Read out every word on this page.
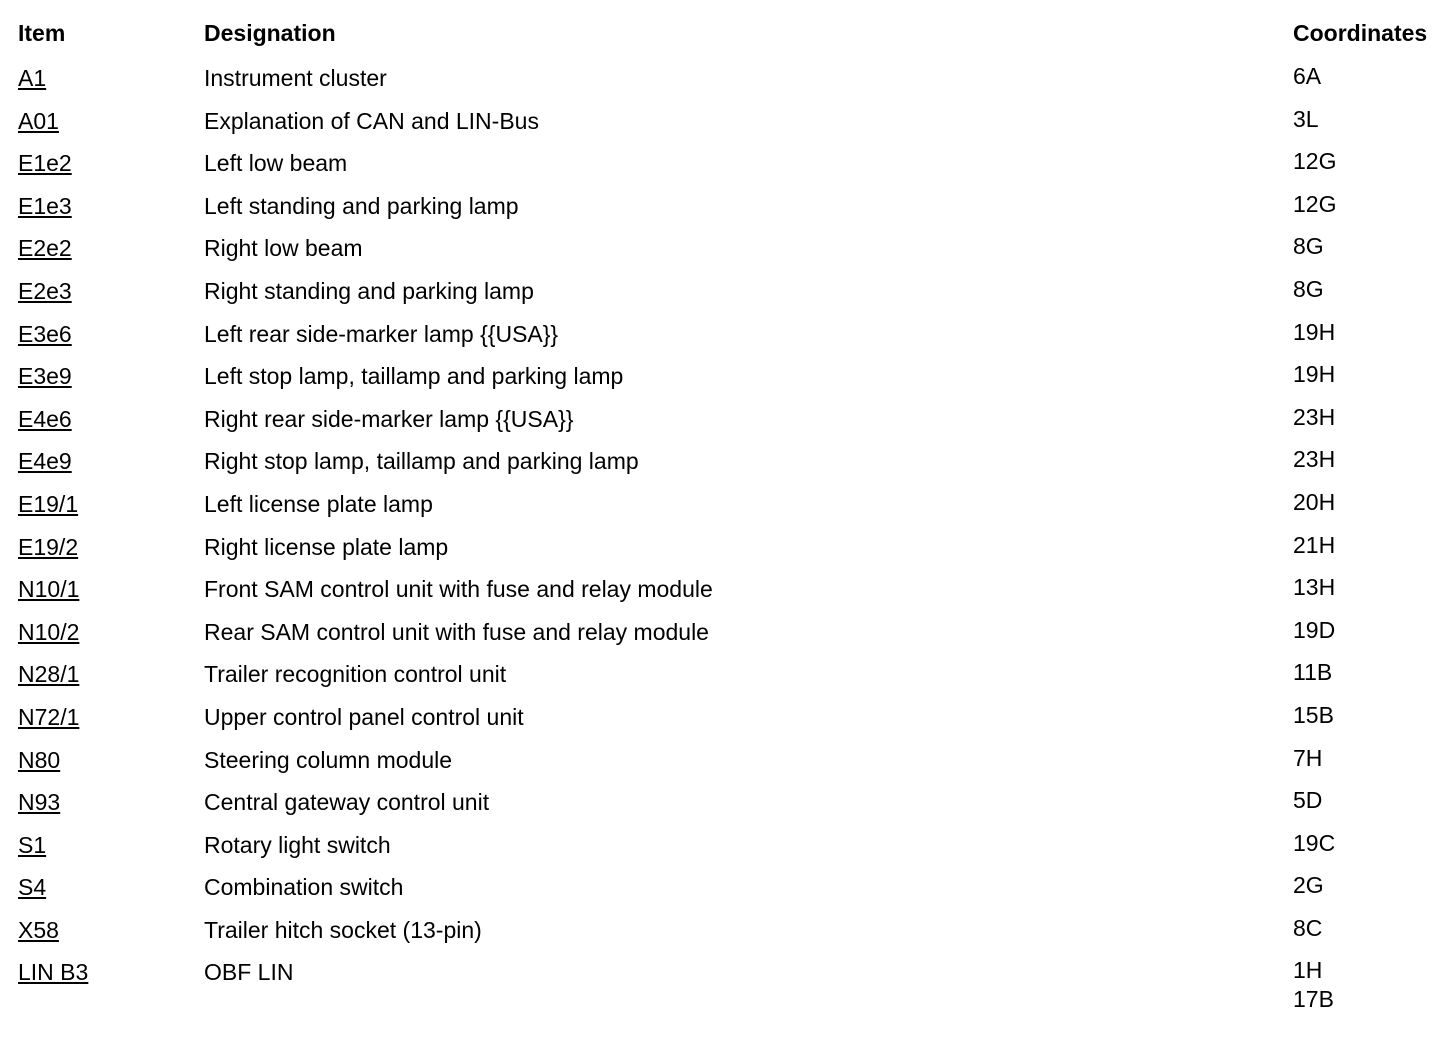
Item	Designation	Coordinates
A1	Instrument cluster	6A
A01	Explanation of CAN and LIN-Bus	3L
E1e2	Left low beam	12G
E1e3	Left standing and parking lamp	12G
E2e2	Right low beam	8G
E2e3	Right standing and parking lamp	8G
E3e6	Left rear side-marker lamp {{USA}}	19H
E3e9	Left stop lamp, taillamp and parking lamp	19H
E4e6	Right rear side-marker lamp {{USA}}	23H
E4e9	Right stop lamp, taillamp and parking lamp	23H
E19/1	Left license plate lamp	20H
E19/2	Right license plate lamp	21H
N10/1	Front SAM control unit with fuse and relay module	13H
N10/2	Rear SAM control unit with fuse and relay module	19D
N28/1	Trailer recognition control unit	11B
N72/1	Upper control panel control unit	15B
N80	Steering column module	7H
N93	Central gateway control unit	5D
S1	Rotary light switch	19C
S4	Combination switch	2G
X58	Trailer hitch socket (13-pin)	8C
LIN B3	OBF LIN	1H
17B
